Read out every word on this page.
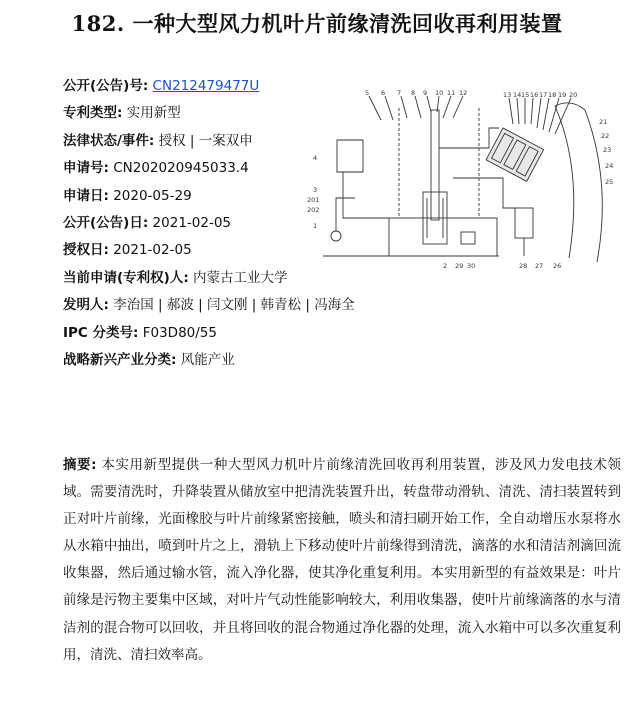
182. 一种大型风力机叶片前缘清洗回收再利用装置
公开(公告)号: CN212479477U
专利类型: 实用新型
法律状态/事件: 授权 | 一案双申
申请号: CN202020945033.4
申请日: 2020-05-29
公开(公告)日: 2021-02-05
授权日: 2021-02-05
当前申请(专利权)人: 内蒙古工业大学
发明人: 李治国 | 郝波 | 闫文刚 | 韩青松 | 冯海全
IPC 分类号: F03D80/55
战略新兴产业分类: 风能产业
5 6 7 8 9 10 11 12	13 14 15 16 17 18 19 20
21
22
23
24
25
4
3
201
202
1
2 29 30	28 27 26
摘要: 本实用新型提供一种大型风力机叶片前缘清洗回收再利用装置，涉及风力发电技术领域。需要清洗时，升降装置从储放室中把清洗装置升出，转盘带动滑轨、清洗、清扫装置转到正对叶片前缘，光面橡胶与叶片前缘紧密接触，喷头和清扫刷开始工作，全自动增压水泵将水从水箱中抽出，喷到叶片之上，滑轨上下移动使叶片前缘得到清洗，滴落的水和清洁剂滴回流收集器，然后通过输水管，流入净化器，使其净化重复利用。本实用新型的有益效果是：叶片前缘是污物主要集中区域，对叶片气动性能影响较大，利用收集器，使叶片前缘滴落的水与清洁剂的混合物可以回收，并且将回收的混合物通过净化器的处理，流入水箱中可以多次重复利用，清洗、清扫效率高。
